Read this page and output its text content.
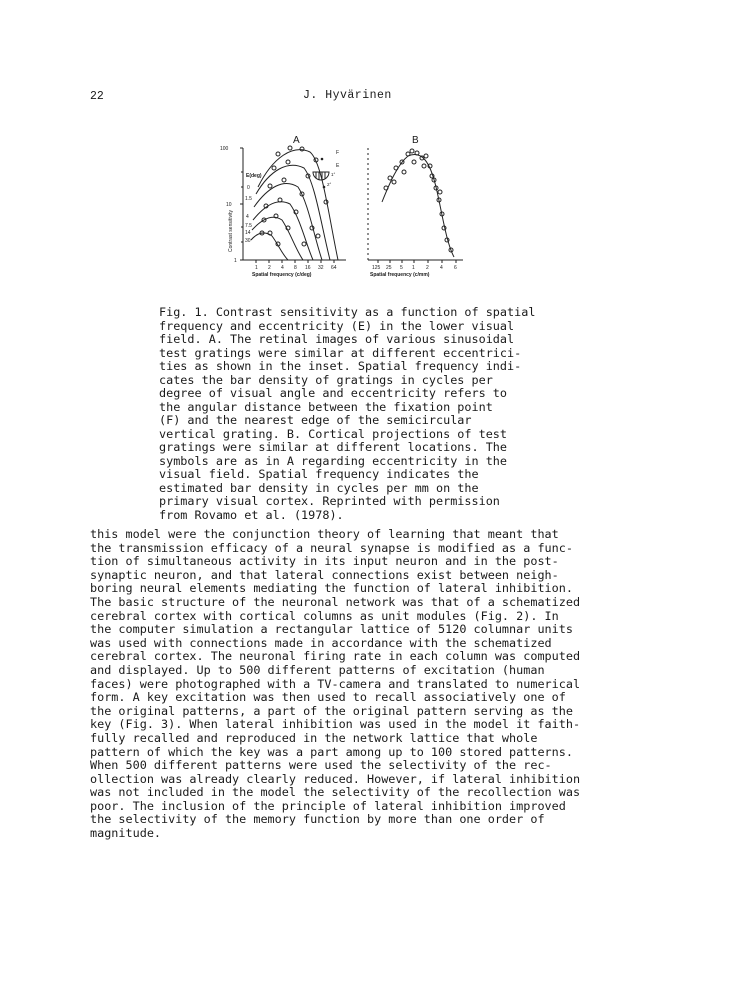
22	J. Hyvärinen
A
100
10
1
Contrast sensitivity
1 2 4 8 16 32 64
Spatial frequency (c/deg)
E(deg)
0
1.5
4
7.5
14
30
F
E
1°
2°
B
125 25 5 1 2 4 6
Spatial frequency (c/mm)
Fig. 1. Contrast sensitivity as a function of spatial
frequency and eccentricity (E) in the lower visual
field. A. The retinal images of various sinusoidal
test gratings were similar at different eccentrici-
ties as shown in the inset. Spatial frequency indi-
cates the bar density of gratings in cycles per
degree of visual angle and eccentricity refers to
the angular distance between the fixation point
(F) and the nearest edge of the semicircular
vertical grating. B. Cortical projections of test
gratings were similar at different locations. The
symbols are as in A regarding eccentricity in the
visual field. Spatial frequency indicates the
estimated bar density in cycles per mm on the
primary visual cortex. Reprinted with permission
from Rovamo et al. (1978).
this model were the conjunction theory of learning that meant that
the transmission efficacy of a neural synapse is modified as a func-
tion of simultaneous activity in its input neuron and in the post-
synaptic neuron, and that lateral connections exist between neigh-
boring neural elements mediating the function of lateral inhibition.
The basic structure of the neuronal network was that of a schematized
cerebral cortex with cortical columns as unit modules (Fig. 2). In
the computer simulation a rectangular lattice of 5120 columnar units
was used with connections made in accordance with the schematized
cerebral cortex. The neuronal firing rate in each column was computed
and displayed. Up to 500 different patterns of excitation (human
faces) were photographed with a TV-camera and translated to numerical
form. A key excitation was then used to recall associatively one of
the original patterns, a part of the original pattern serving as the
key (Fig. 3). When lateral inhibition was used in the model it faith-
fully recalled and reproduced in the network lattice that whole
pattern of which the key was a part among up to 100 stored patterns.
When 500 different patterns were used the selectivity of the rec-
ollection was already clearly reduced. However, if lateral inhibition
was not included in the model the selectivity of the recollection was
poor. The inclusion of the principle of lateral inhibition improved
the selectivity of the memory function by more than one order of
magnitude.
